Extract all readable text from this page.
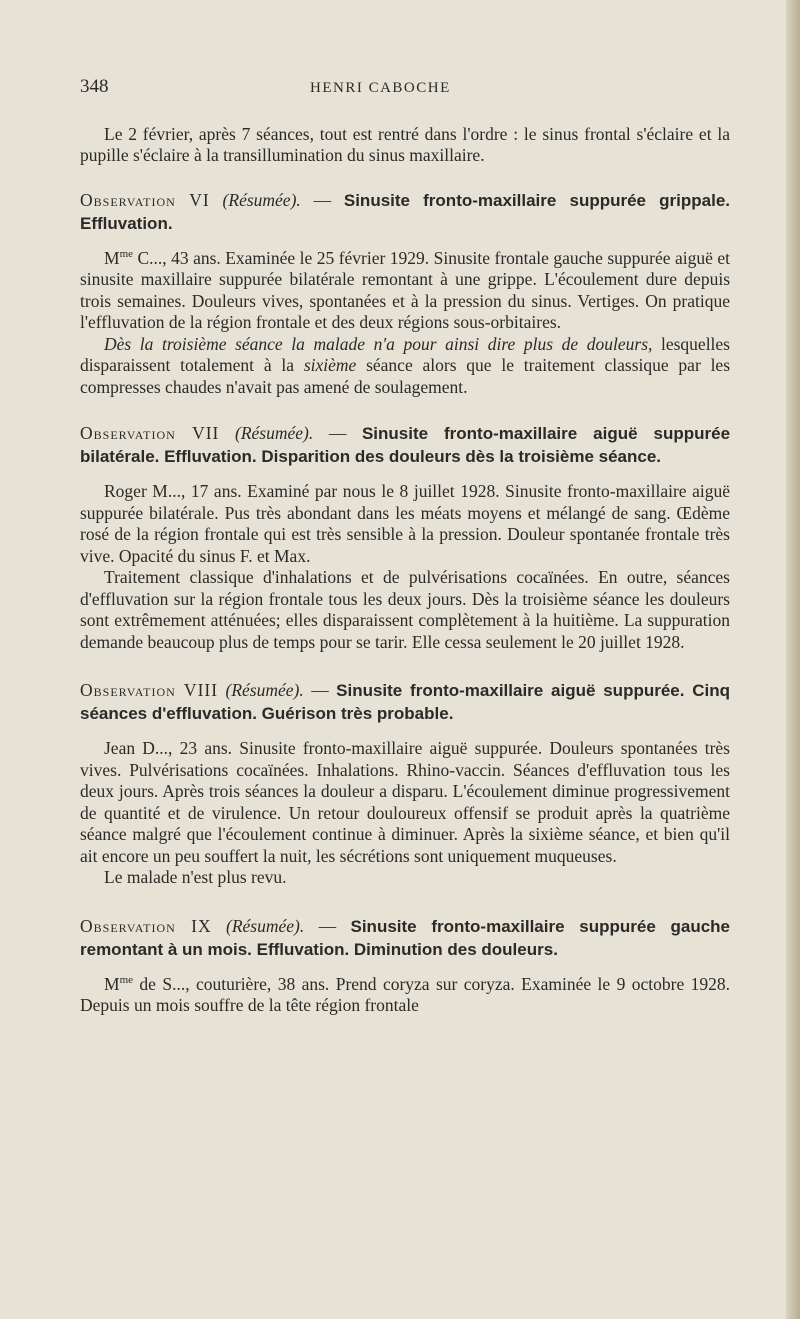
348	HENRI CABOCHE

Le 2 février, après 7 séances, tout est rentré dans l'ordre : le sinus frontal s'éclaire et la pupille s'éclaire à la transillumination du sinus maxillaire.

Observation VI (Résumée). — Sinusite fronto-maxillaire suppurée grippale. Effluvation.

$M^{me}$ C..., 43 ans. Examinée le 25 février 1929. Sinusite frontale gauche suppurée aiguë et sinusite maxillaire suppurée bilatérale remontant à une grippe. L'écoulement dure depuis trois semaines. Douleurs vives, spontanées et à la pression du sinus. Vertiges. On pratique l'effluvation de la région frontale et des deux régions sous-orbitaires.

Dès la troisième séance la malade n'a pour ainsi dire plus de douleurs, lesquelles disparaissent totalement à la sixième séance alors que le traitement classique par les compresses chaudes n'avait pas amené de soulagement.

Observation VII (Résumée). — Sinusite fronto-maxillaire aiguë suppurée bilatérale. Effluvation. Disparition des douleurs dès la troisième séance.

Roger M..., 17 ans. Examiné par nous le 8 juillet 1928. Sinusite fronto-maxillaire aiguë suppurée bilatérale. Pus très abondant dans les méats moyens et mélangé de sang. Œdème rosé de la région frontale qui est très sensible à la pression. Douleur spontanée frontale très vive. Opacité du sinus F. et Max.

Traitement classique d'inhalations et de pulvérisations cocaïnées. En outre, séances d'effluvation sur la région frontale tous les deux jours. Dès la troisième séance les douleurs sont extrêmement atténuées; elles disparaissent complètement à la huitième. La suppuration demande beaucoup plus de temps pour se tarir. Elle cessa seulement le 20 juillet 1928.

Observation VIII (Résumée). — Sinusite fronto-maxillaire aiguë suppurée. Cinq séances d'effluvation. Guérison très probable.

Jean D..., 23 ans. Sinusite fronto-maxillaire aiguë suppurée. Douleurs spontanées très vives. Pulvérisations cocaïnées. Inhalations. Rhino-vaccin. Séances d'effluvation tous les deux jours. Après trois séances la douleur a disparu. L'écoulement diminue progressivement de quantité et de virulence. Un retour douloureux offensif se produit après la quatrième séance malgré que l'écoulement continue à diminuer. Après la sixième séance, et bien qu'il ait encore un peu souffert la nuit, les sécrétions sont uniquement muqueuses.

Le malade n'est plus revu.

Observation IX (Résumée). — Sinusite fronto-maxillaire suppurée gauche remontant à un mois. Effluvation. Diminution des douleurs.

$M^{me}$ de S..., couturière, 38 ans. Prend coryza sur coryza. Examinée le 9 octobre 1928. Depuis un mois souffre de la tête région frontale
